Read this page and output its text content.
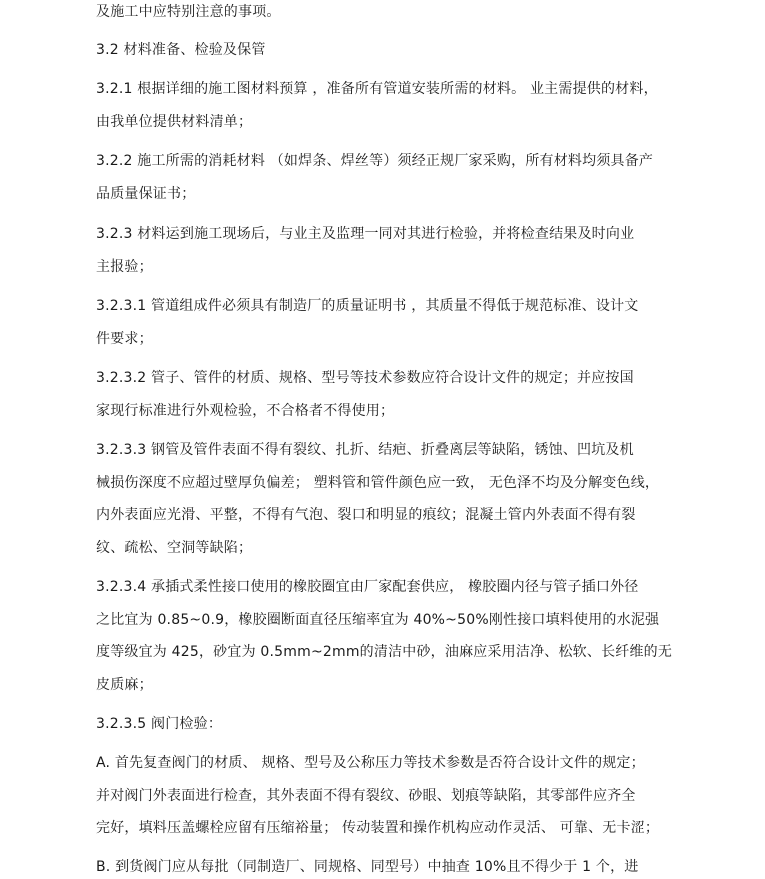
及施工中应特别注意的事项。

3.2 材料准备、检验及保管

3.2.1 根据详细的施工图材料预算 ，准备所有管道安装所需的材料。 业主需提供的材料，

由我单位提供材料清单；

3.2.2 施工所需的消耗材料 （如焊条、焊丝等）须经正规厂家采购，所有材料均须具备产

品质量保证书；

3.2.3 材料运到施工现场后，与业主及监理一同对其进行检验，并将检查结果及时向业

主报验；

3.2.3.1 管道组成件必须具有制造厂的质量证明书 ，其质量不得低于规范标准、设计文

件要求；

3.2.3.2 管子、管件的材质、规格、型号等技术参数应符合设计文件的规定；并应按国

家现行标准进行外观检验，不合格者不得使用；

3.2.3.3 钢管及管件表面不得有裂纹、扎折、结疤、折叠离层等缺陷，锈蚀、凹坑及机

械损伤深度不应超过壁厚负偏差； 塑料管和管件颜色应一致， 无色泽不均及分解变色线，

内外表面应光滑、平整，不得有气泡、裂口和明显的痕纹；混凝土管内外表面不得有裂

纹、疏松、空洞等缺陷；

3.2.3.4 承插式柔性接口使用的橡胶圈宜由厂家配套供应， 橡胶圈内径与管子插口外径

之比宜为 0.85~0.9，橡胶圈断面直径压缩率宜为 40%~50%刚性接口填料使用的水泥强

度等级宜为 425，砂宜为 0.5mm~2mm的清洁中砂，油麻应采用洁净、松软、长纤维的无

皮质麻；

3.2.3.5 阀门检验：

A. 首先复查阀门的材质、 规格、型号及公称压力等技术参数是否符合设计文件的规定；

并对阀门外表面进行检查，其外表面不得有裂纹、砂眼、划痕等缺陷，其零部件应齐全

完好，填料压盖螺栓应留有压缩裕量； 传动装置和操作机构应动作灵活、 可靠、无卡涩；

B. 到货阀门应从每批（同制造厂、同规格、同型号）中抽查 10%且不得少于 1 个，进
